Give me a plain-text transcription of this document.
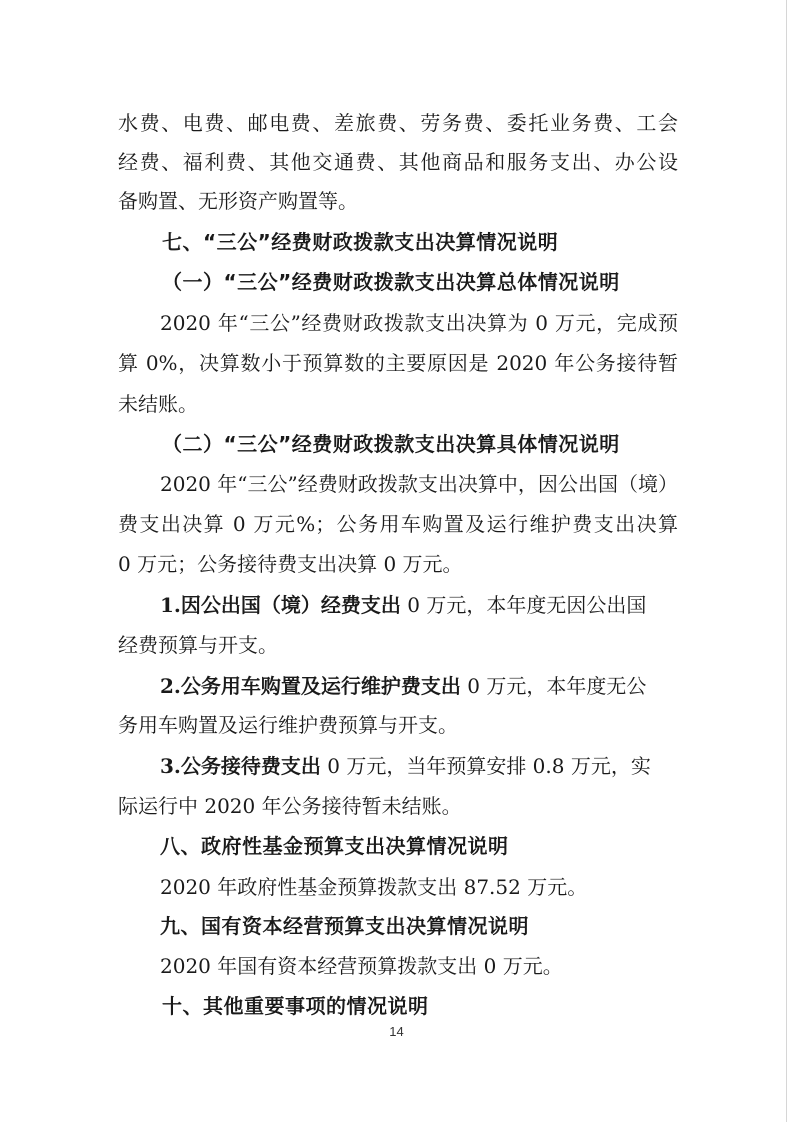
水费、电费、邮电费、差旅费、劳务费、委托业务费、工会
经费、福利费、其他交通费、其他商品和服务支出、办公设
备购置、无形资产购置等。
七、“三公”经费财政拨款支出决算情况说明
（一）“三公”经费财政拨款支出决算总体情况说明
2020 年“三公”经费财政拨款支出决算为 0 万元，完成预
算 0%，决算数小于预算数的主要原因是 2020 年公务接待暂
未结账。
（二）“三公”经费财政拨款支出决算具体情况说明
2020 年“三公”经费财政拨款支出决算中，因公出国（境）
费支出决算 0 万元%；公务用车购置及运行维护费支出决算
0 万元；公务接待费支出决算 0 万元。
1.因公出国（境）经费支出 0 万元，本年度无因公出国
经费预算与开支。
2.公务用车购置及运行维护费支出 0 万元，本年度无公
务用车购置及运行维护费预算与开支。
3.公务接待费支出 0 万元，当年预算安排 0.8 万元，实
际运行中 2020 年公务接待暂未结账。
八、政府性基金预算支出决算情况说明
2020 年政府性基金预算拨款支出 87.52 万元。
九、国有资本经营预算支出决算情况说明
2020 年国有资本经营预算拨款支出 0 万元。
十、其他重要事项的情况说明
14
